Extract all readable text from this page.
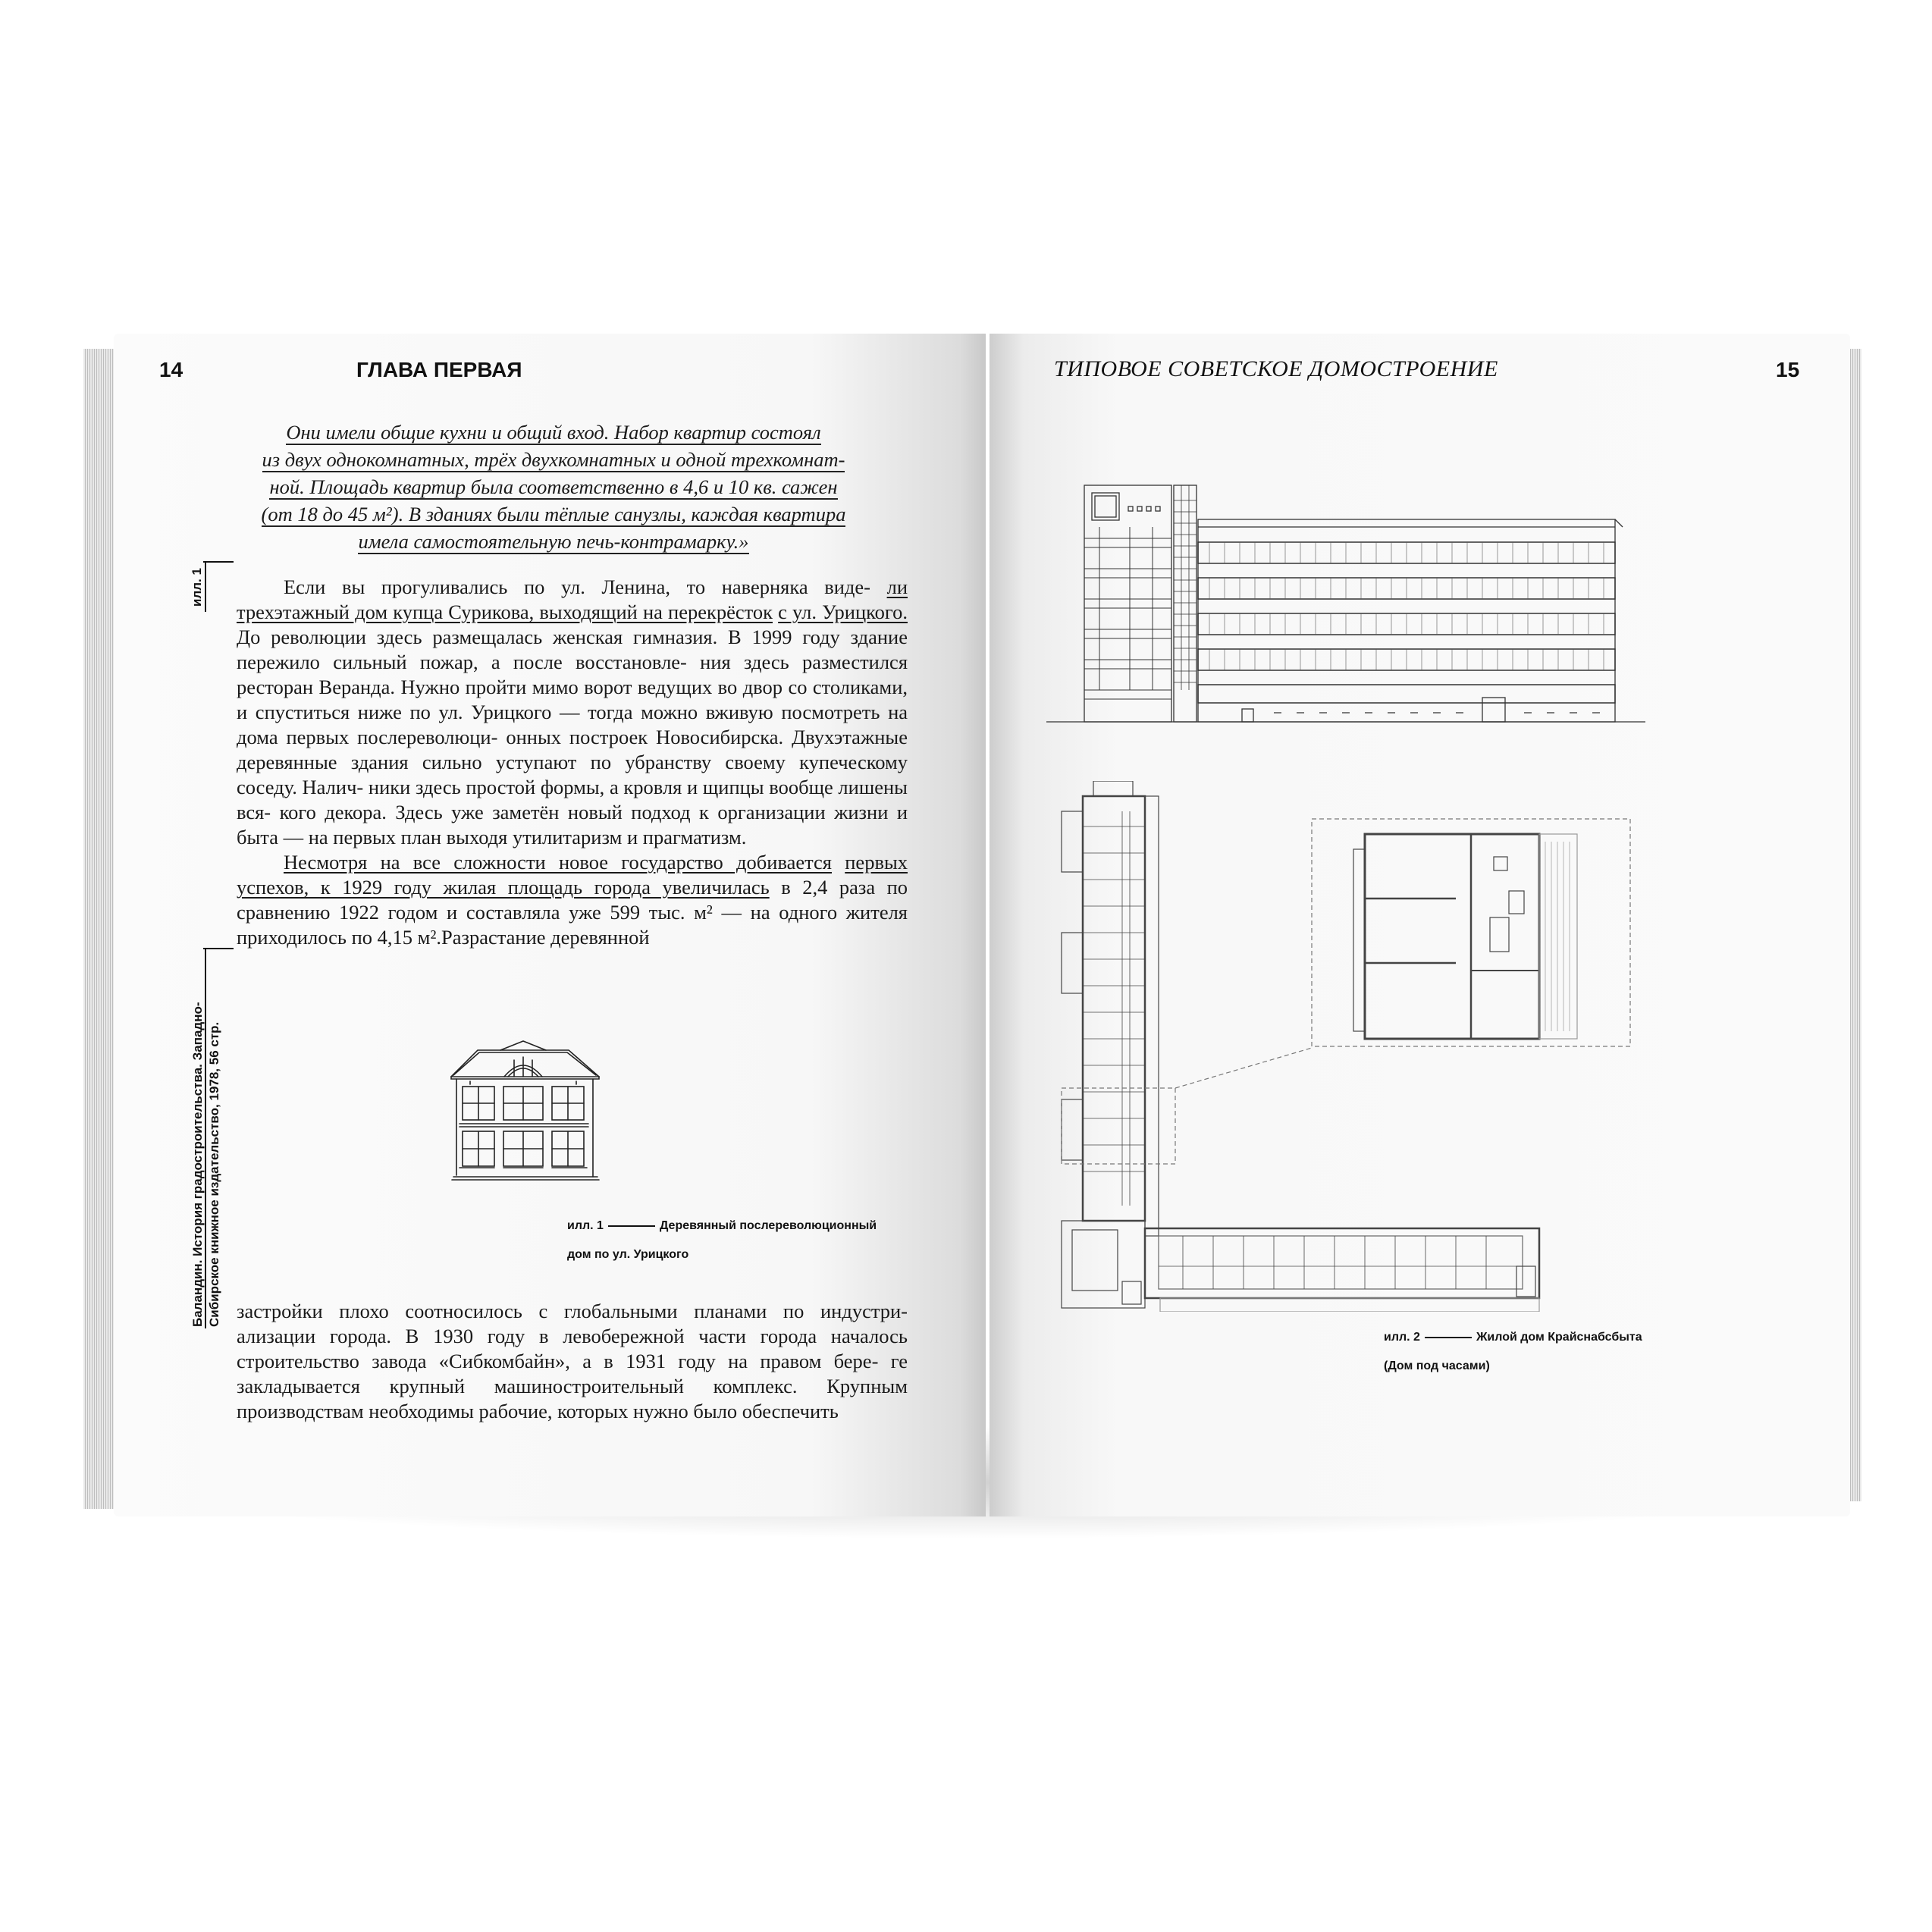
14	ГЛАВА ПЕРВАЯ
Они имели общие кухни и общий вход. Набор квартир состоял
из двух однокомнатных, трёх двухкомнатных и одной трехкомнат-
ной. Площадь квартир была соответственно в 4,6 и 10 кв. сажен
(от 18 до 45 м²). В зданиях были тёплые санузлы, каждая квартира
имела самостоятельную печь-контрамарку.»
илл. 1	Если вы прогуливались по ул. Ленина, то наверняка виде- ли трехэтажный дом купца Сурикова, выходящий на перекрёсток с ул. Урицкого. До революции здесь размещалась женская гимназия. В 1999 году здание пережило сильный пожар, а после восстановле- ния здесь разместился ресторан Веранда. Нужно пройти мимо ворот ведущих во двор со столиками, и спуститься ниже по ул. Урицкого — тогда можно вживую посмотреть на дома первых послереволюци- онных построек Новосибирска. Двухэтажные деревянные здания сильно уступают по убранству своему купеческому соседу. Налич- ники здесь простой формы, а кровля и щипцы вообще лишены вся- кого декора. Здесь уже заметён новый подход к организации жизни и быта — на первых план выходя утилитаризм и прагматизм.

Несмотря на все сложности новое государство добивается первых успехов, к 1929 году жилая площадь города увеличилась в 2,4 раза по сравнению 1922 годом и составляла уже 599 тыс. м² — на одного жителя приходилось по 4,15 м².Разрастание деревянной

Баландин. История градостроительства. Западно- Сибирское книжное издательство, 1978, 56 стр.	илл. 1	Деревянный послереволюционный
дом по ул. Урицкого

застройки плохо соотносилось с глобальными планами по индустри- ализации города. В 1930 году в левобережной части города началось строительство завода «Сибкомбайн», а в 1931 году на правом бере- ге закладывается крупный машиностроительный комплекс. Крупным производствам необходимы рабочие, которых нужно было обеспечить

ТИПОВОЕ СОВЕТСКОЕ ДОМОСТРОЕНИЕ	15
илл. 2	Жилой дом Крайснабсбыта
(Дом под часами)
